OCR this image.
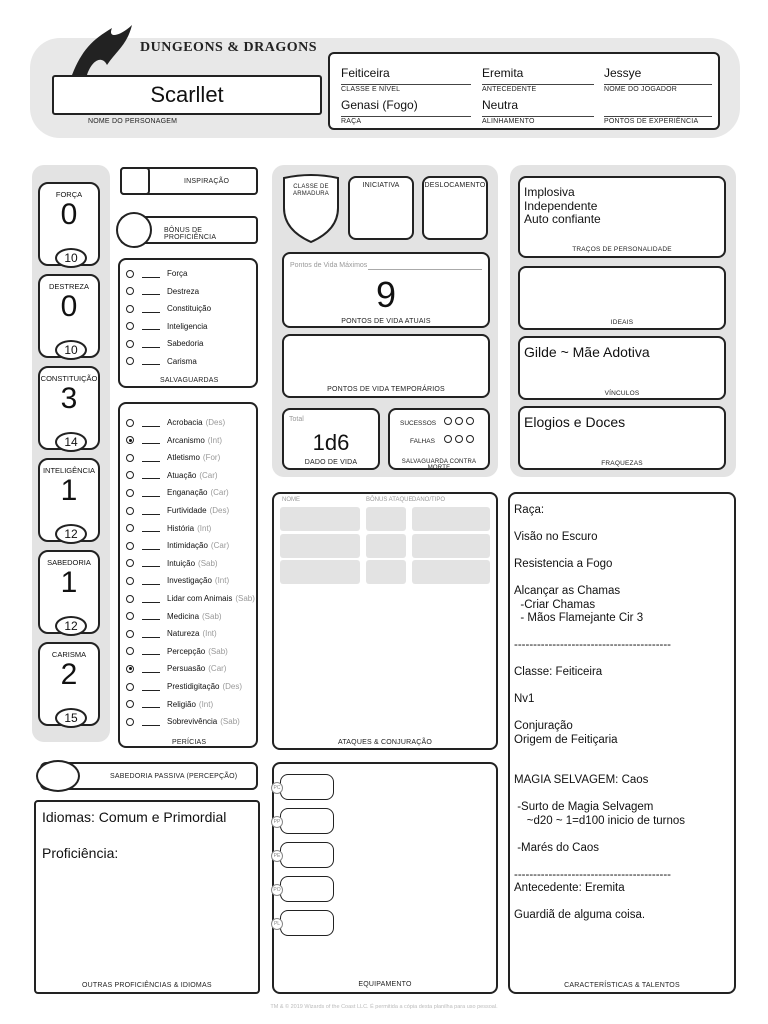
DUNGEONS & DRAGONS
Scarllet
NOME DO PERSONAGEM
Feiticeira
CLASSE E NÍVEL
Eremita
ANTECEDENTE
Jessye
NOME DO JOGADOR
Genasi (Fogo)
RAÇA
Neutra
ALINHAMENTO	PONTOS DE EXPERIÊNCIA
FORÇA
0
10
DESTREZA
0
10
CONSTITUIÇÃO
3
14
INTELIGÊNCIA
1
12
SABEDORIA
1
12
CARISMA
2
15
INSPIRAÇÃO
BÔNUS DE PROFICIÊNCIA
Força
Destreza
Constituição
Inteligencia
Sabedoria
Carisma
SALVAGUARDAS
Acrobacia (Des)
Arcanismo (Int)
Atletismo (For)
Atuação (Car)
Enganação (Car)
Furtividade (Des)
História (Int)
Intimidação (Car)
Intuição (Sab)
Investigação (Int)
Lidar com Animais (Sab)
Medicina (Sab)
Natureza (Int)
Percepção (Sab)
Persuasão (Car)
Prestidigitação (Des)
Religião (Int)
Sobrevivência (Sab)
PERÍCIAS
SABEDORIA PASSIVA (PERCEPÇÃO)
Idiomas: Comum e Primordial

Proficiência:
OUTRAS PROFICIÊNCIAS & IDIOMAS
CLASSE DE ARMADURA
INICIATIVA	DESLOCAMENTO
Pontos de Vida Máximos
9
PONTOS DE VIDA ATUAIS
PONTOS DE VIDA TEMPORÁRIOS
Total
1d6
DADO DE VIDA
SUCESSOS
FALHAS
SALVAGUARDA CONTRA MORTE
NOME	BÔNUS ATAQUE DANO/TIPO
ATAQUES & CONJURAÇÃO
PC
PP
PE
PO
PL
EQUIPAMENTO
Implosiva
Independente
Auto confiante
TRAÇOS DE PERSONALIDADE
IDEAIS
Gilde ~ Mãe Adotiva
VÍNCULOS
Elogios e Doces
FRAQUEZAS
Raça:

Visão no Escuro

Resistencia a Fogo

Alcançar as Chamas
-Criar Chamas
- Mãos Flamejante Cir 3

-----------------------------------------

Classe: Feiticeira

Nv1

Conjuração
Origem de Feitiçaria

MAGIA SELVAGEM: Caos

-Surto de Magia Selvagem
~d20 ~ 1=d100 inicio de turnos

-Marés do Caos

-----------------------------------------
Antecedente: Eremita

Guardiã de alguma coisa.
CARACTERÍSTICAS & TALENTOS
TM & © 2019 Wizards of the Coast LLC. É permitida a cópia desta planilha para uso pessoal.
